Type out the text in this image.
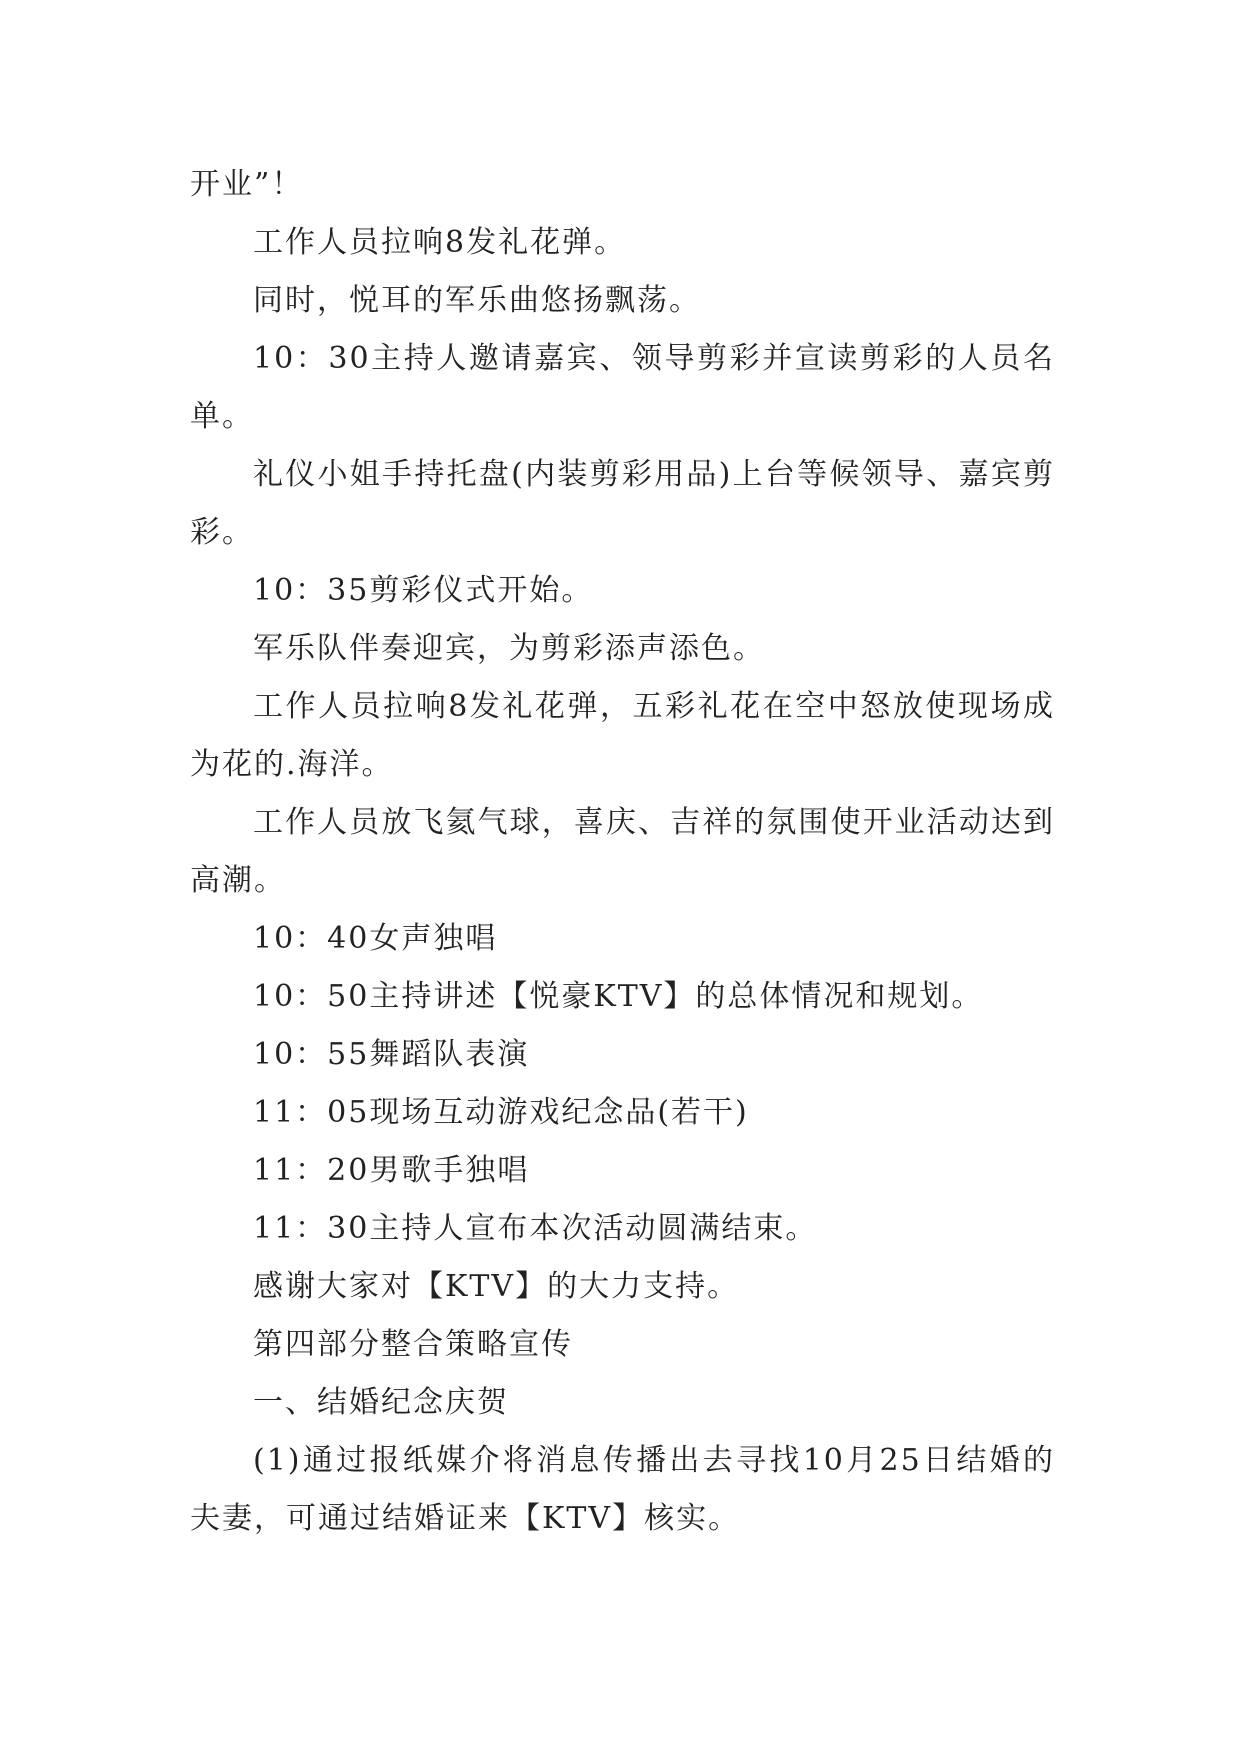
开业”！

工作人员拉响8发礼花弹。

同时，悦耳的军乐曲悠扬飘荡。

10：30主持人邀请嘉宾、领导剪彩并宣读剪彩的人员名单。

礼仪小姐手持托盘(内装剪彩用品)上台等候领导、嘉宾剪彩。

10：35剪彩仪式开始。

军乐队伴奏迎宾，为剪彩添声添色。

工作人员拉响8发礼花弹，五彩礼花在空中怒放使现场成为花的.海洋。

工作人员放飞氦气球，喜庆、吉祥的氛围使开业活动达到高潮。

10：40女声独唱

10：50主持讲述【悦豪KTV】的总体情况和规划。

10：55舞蹈队表演

11：05现场互动游戏纪念品(若干)

11：20男歌手独唱

11：30主持人宣布本次活动圆满结束。

感谢大家对【KTV】的大力支持。

第四部分整合策略宣传

一、结婚纪念庆贺

(1)通过报纸媒介将消息传播出去寻找10月25日结婚的夫妻，可通过结婚证来【KTV】核实。
